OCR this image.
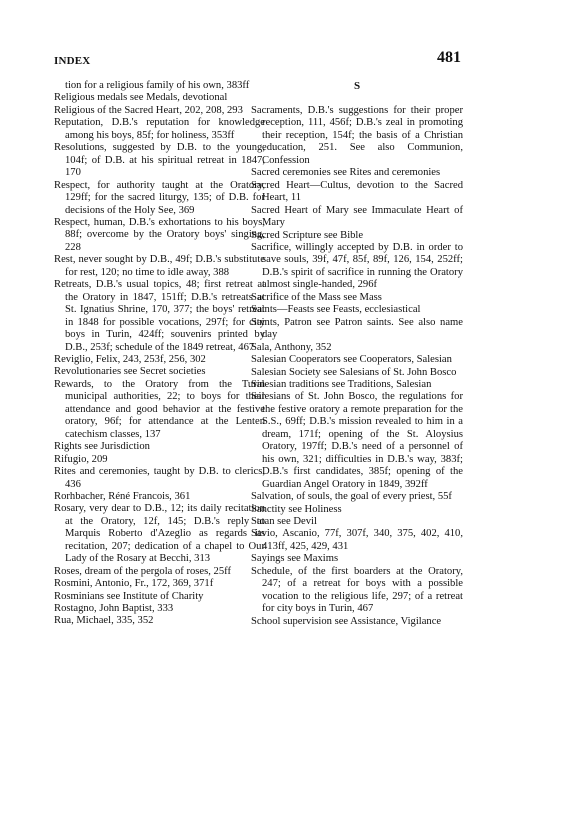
INDEX	481

tion for a religious family of his own, 383ff

Religious medals see Medals, devotional

Religious of the Sacred Heart, 202, 208, 293

Reputation, D.B.'s reputation for knowledge among his boys, 85f; for holiness, 353ff

Resolutions, suggested by D.B. to the young, 104f; of D.B. at his spiritual retreat in 1847, 170

Respect, for authority taught at the Oratory, 129ff; for the sacred liturgy, 135; of D.B. for decisions of the Holy See, 369

Respect, human, D.B.'s exhortations to his boys, 88f; overcome by the Oratory boys' singing, 228

Rest, never sought by D.B., 49f; D.B.'s substitute for rest, 120; no time to idle away, 388

Retreats, D.B.'s usual topics, 48; first retreat at the Oratory in 1847, 151ff; D.B.'s retreats at St. Ignatius Shrine, 170, 377; the boys' retreat in 1848 for possible vocations, 297f; for city boys in Turin, 424ff; souvenirs printed by D.B., 253f; schedule of the 1849 retreat, 467

Reviglio, Felix, 243, 253f, 256, 302

Revolutionaries see Secret societies

Rewards, to the Oratory from the Turin municipal authorities, 22; to boys for their attendance and good behavior at the festive oratory, 96f; for attendance at the Lenten catechism classes, 137

Rights see Jurisdiction

Rifugio, 209

Rites and ceremonies, taught by D.B. to clerics, 436

Rorhbacher, Réné Francois, 361

Rosary, very dear to D.B., 12; its daily recitation at the Oratory, 12f, 145; D.B.'s reply to Marquis Roberto d'Azeglio as regards its recitation, 207; dedication of a chapel to Our Lady of the Rosary at Becchi, 313

Roses, dream of the pergola of roses, 25ff

Rosmini, Antonio, Fr., 172, 369, 371f

Rosminians see Institute of Charity

Rostagno, John Baptist, 333

Rua, Michael, 335, 352

S

Sacraments, D.B.'s suggestions for their proper reception, 111, 456f; D.B.'s zeal in promoting their reception, 154f; the basis of a Christian education, 251. See also Communion, Confession

Sacred ceremonies see Rites and ceremonies

Sacred Heart—Cultus, devotion to the Sacred Heart, 11

Sacred Heart of Mary see Immaculate Heart of Mary

Sacred Scripture see Bible

Sacrifice, willingly accepted by D.B. in order to save souls, 39f, 47f, 85f, 89f, 126, 154, 252ff; D.B.'s spirit of sacrifice in running the Oratory almost single-handed, 296f

Sacrifice of the Mass see Mass

Saints—Feasts see Feasts, ecclesiastical

Saints, Patron see Patron saints. See also name day

Sala, Anthony, 352

Salesian Cooperators see Cooperators, Salesian

Salesian Society see Salesians of St. John Bosco

Salesian traditions see Traditions, Salesian

Salesians of St. John Bosco, the regulations for the festive oratory a remote preparation for the S.S., 69ff; D.B.'s mission revealed to him in a dream, 171f; opening of the St. Aloysius Oratory, 197ff; D.B.'s need of a personnel of his own, 321; difficulties in D.B.'s way, 383f; D.B.'s first candidates, 385f; opening of the Guardian Angel Oratory in 1849, 392ff

Salvation, of souls, the goal of every priest, 55f

Sanctity see Holiness

Satan see Devil

Savio, Ascanio, 77f, 307f, 340, 375, 402, 410, 413ff, 425, 429, 431

Sayings see Maxims

Schedule, of the first boarders at the Oratory, 247; of a retreat for boys with a possible vocation to the religious life, 297; of a retreat for city boys in Turin, 467

School supervision see Assistance, Vigilance
